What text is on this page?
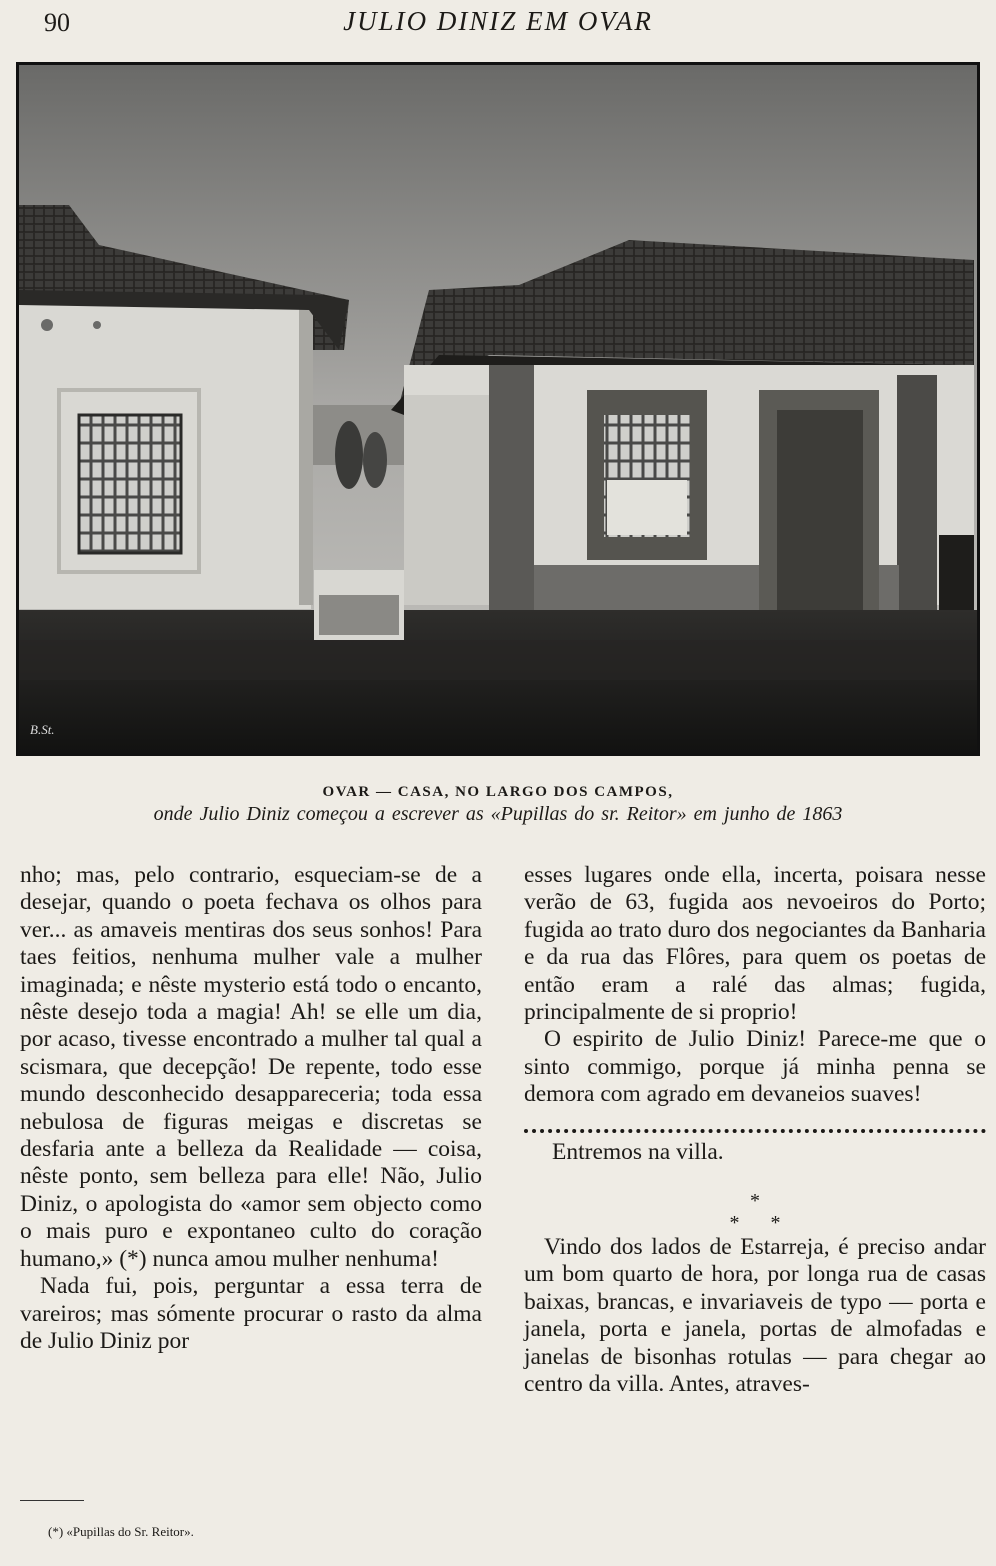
90	JULIO DINIZ EM OVAR
B.St.
OVAR — CASA, NO LARGO DOS CAMPOS,
onde Julio Diniz começou a escrever as «Pupillas do sr. Reitor» em junho de 1863

nho; mas, pelo contrario, esqueciam-se de a desejar, quando o poeta fechava os olhos para ver... as amaveis mentiras dos seus sonhos! Para taes feitios, nenhuma mulher vale a mulher imaginada; e nêste mysterio está todo o encanto, nêste desejo toda a magia! Ah! se elle um dia, por acaso, tivesse encontrado a mulher tal qual a scismara, que decepção! De repente, todo esse mundo desconhecido desappareceria; toda essa nebulosa de figuras meigas e discretas se desfaria ante a belleza da Realidade — coisa, nêste ponto, sem belleza para elle! Não, Julio Diniz, o apologista do «amor sem objecto como o mais puro e expontaneo culto do coração humano,» (*) nunca amou mulher nenhuma!

Nada fui, pois, perguntar a essa terra de vareiros; mas sómente procurar o rasto da alma de Julio Diniz por

esses lugares onde ella, incerta, poisara nesse verão de 63, fugida aos nevoeiros do Porto; fugida ao trato duro dos negociantes da Banharia e da rua das Flôres, para quem os poetas de então eram a ralé das almas; fugida, principalmente de si proprio!

O espirito de Julio Diniz! Parece-me que o sinto commigo, porque já minha penna se demora com agrado em devaneios suaves!

Entremos na villa.

*
* *

Vindo dos lados de Estarreja, é preciso andar um bom quarto de hora, por longa rua de casas baixas, brancas, e invariaveis de typo — porta e janela, porta e janela, portas de almofadas e janelas de bisonhas rotulas — para chegar ao centro da villa. Antes, atraves-

(*) «Pupillas do Sr. Reitor».
